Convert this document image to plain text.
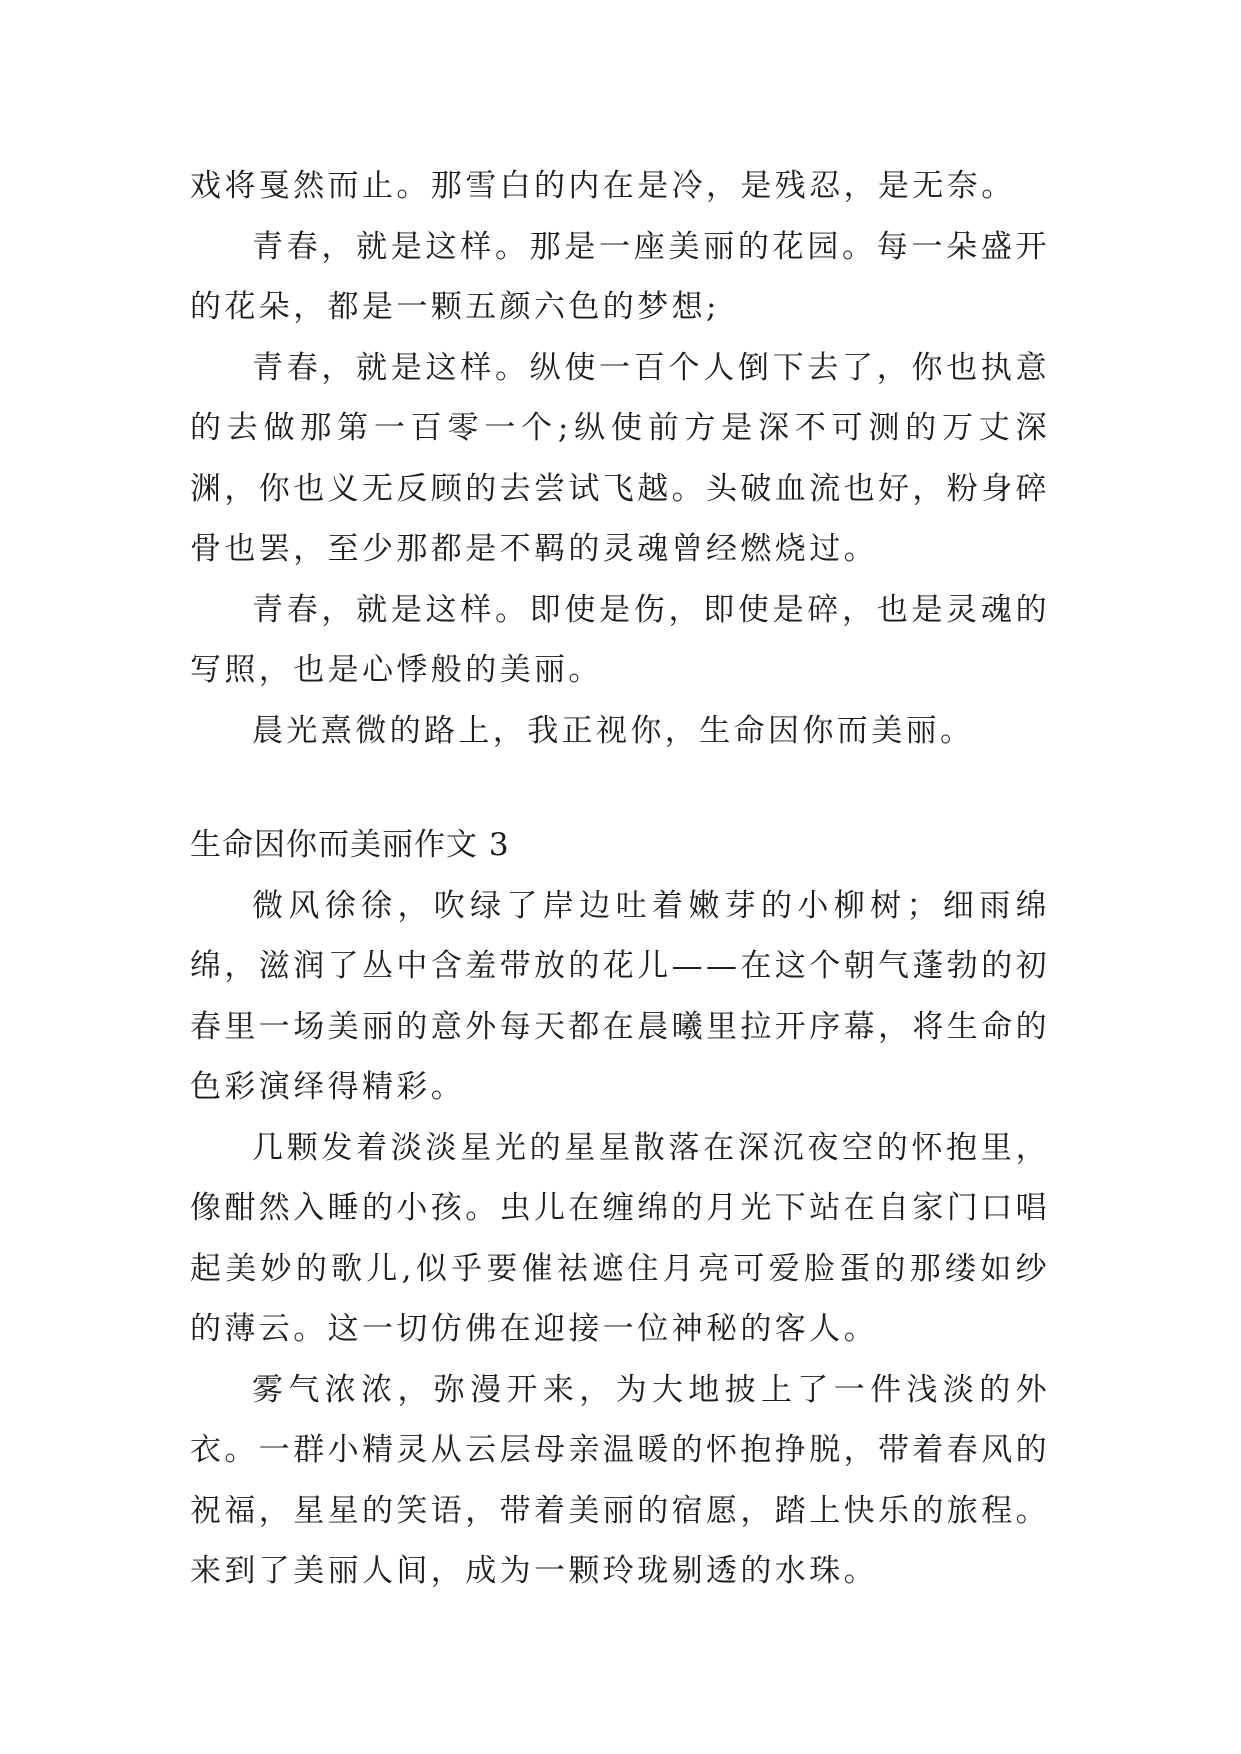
戏将戛然而止。那雪白的内在是冷，是残忍，是无奈。

青春，就是这样。那是一座美丽的花园。每一朵盛开的花朵，都是一颗五颜六色的梦想;

青春，就是这样。纵使一百个人倒下去了，你也执意的去做那第一百零一个;纵使前方是深不可测的万丈深渊，你也义无反顾的去尝试飞越。头破血流也好，粉身碎骨也罢，至少那都是不羁的灵魂曾经燃烧过。

青春，就是这样。即使是伤，即使是碎，也是灵魂的写照，也是心悸般的美丽。

晨光熹微的路上，我正视你，生命因你而美丽。

生命因你而美丽作文 3

微风徐徐，吹绿了岸边吐着嫩芽的小柳树；细雨绵绵，滋润了丛中含羞带放的花儿——在这个朝气蓬勃的初春里一场美丽的意外每天都在晨曦里拉开序幕，将生命的色彩演绎得精彩。

几颗发着淡淡星光的星星散落在深沉夜空的怀抱里，像酣然入睡的小孩。虫儿在缠绵的月光下站在自家门口唱起美妙的歌儿,似乎要催祛遮住月亮可爱脸蛋的那缕如纱的薄云。这一切仿佛在迎接一位神秘的客人。

雾气浓浓，弥漫开来，为大地披上了一件浅淡的外衣。一群小精灵从云层母亲温暖的怀抱挣脱，带着春风的祝福，星星的笑语，带着美丽的宿愿，踏上快乐的旅程。来到了美丽人间，成为一颗玲珑剔透的水珠。
